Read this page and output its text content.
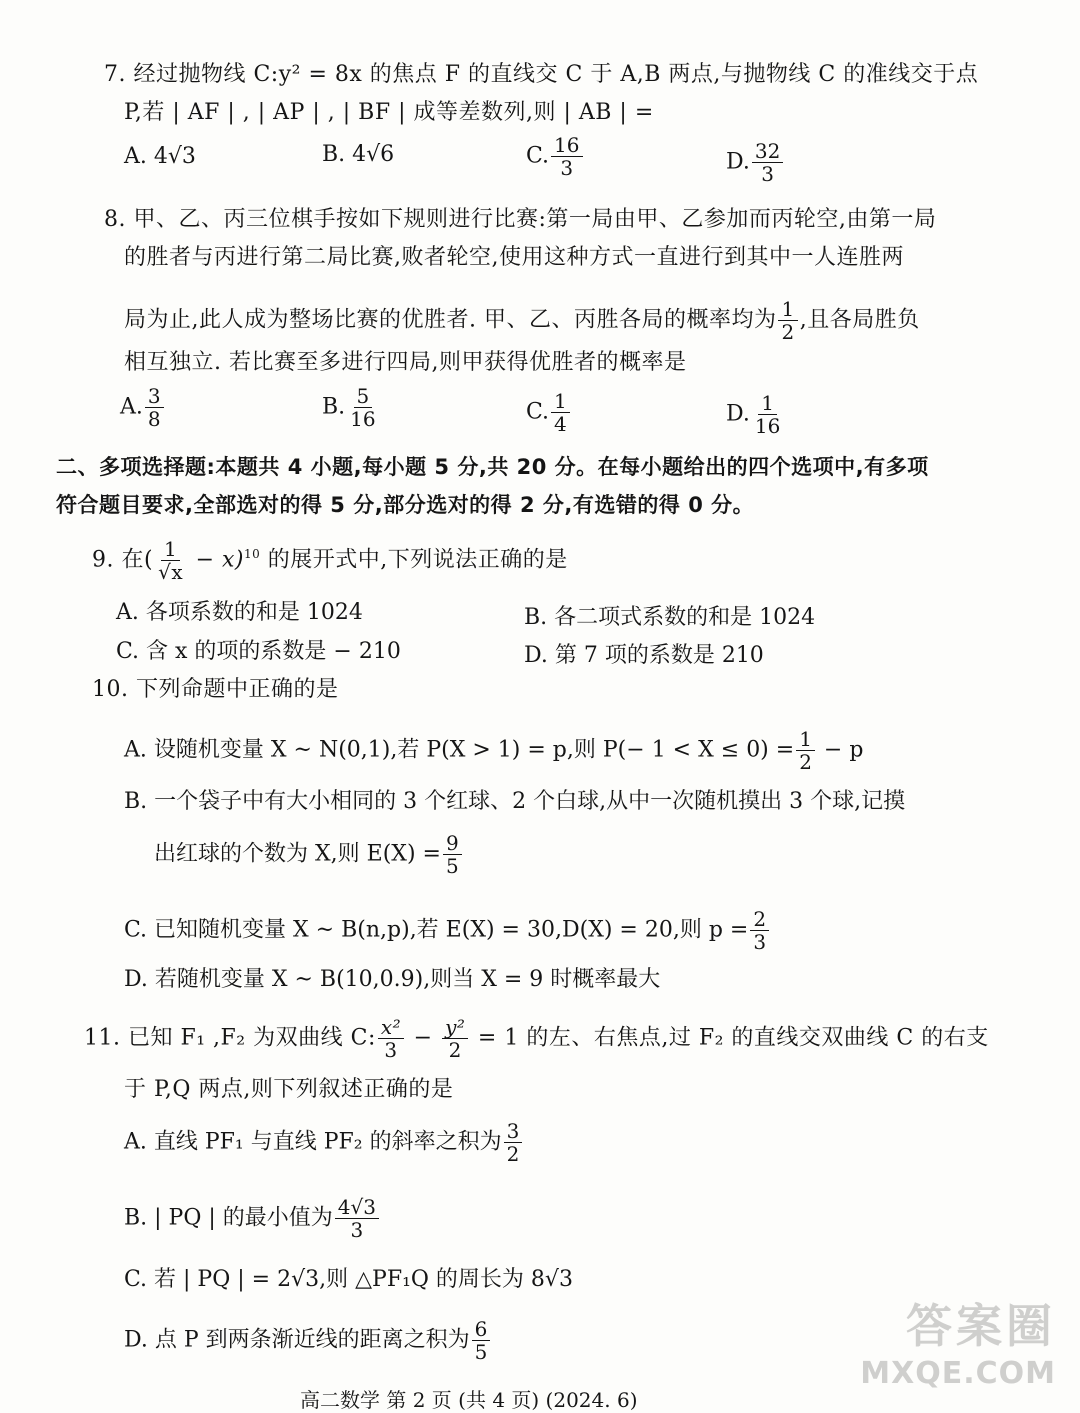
7. 经过抛物线 C:y² = 8x 的焦点 F 的直线交 C 于 A,B 两点,与抛物线 C 的准线交于点
P,若 | AF | , | AP | , | BF | 成等差数列,则 | AB | =
A. 4√3	B. 4√6	C. $\frac{16}{3}$	D. $\frac{32}{3}$
8. 甲、乙、丙三位棋手按如下规则进行比赛:第一局由甲、乙参加而丙轮空,由第一局
的胜者与丙进行第二局比赛,败者轮空,使用这种方式一直进行到其中一人连胜两
局为止,此人成为整场比赛的优胜者. 甲、乙、丙胜各局的概率均为 $\frac{1}{2}$ ,且各局胜负
相互独立. 若比赛至多进行四局,则甲获得优胜者的概率是
A. $\frac{3}{8}$	B. $\frac{5}{16}$	C. $\frac{1}{4}$	D. $\frac{1}{16}$
二、多项选择题:本题共 4 小题,每小题 5 分,共 20 分。在每小题给出的四个选项中,有多项
符合题目要求,全部选对的得 5 分,部分选对的得 2 分,有选错的得 0 分。
9. 在( $\frac{1}{√x} - x)^{10}$ 的展开式中,下列说法正确的是
A. 各项系数的和是 1024	B. 各二项式系数的和是 1024
C. 含 x 的项的系数是 − 210	D. 第 7 项的系数是 210
10. 下列命题中正确的是
A. 设随机变量 X ~ N(0,1),若 P(X > 1) = p,则 $P(- 1 < X \le 0) = \frac{1}{2} - p$
B. 一个袋子中有大小相同的 3 个红球、2 个白球,从中一次随机摸出 3 个球,记摸
出红球的个数为 X,则 $E(X) = \frac{9}{5}$
C. 已知随机变量 X ~ B(n,p),若 E(X) = 30,D(X) = 20,则 $p = \frac{2}{3}$
D. 若随机变量 X ~ B(10,0.9),则当 X = 9 时概率最大
11. 已知 F₁ ,F₂ 为双曲线 C: $\frac{\text{x²}}{3} - \frac{\text{y²}}{2} = 1$ 的左、右焦点,过 F₂ 的直线交双曲线 C 的右支
于 P,Q 两点,则下列叙述正确的是
A. 直线 PF₁ 与直线 PF₂ 的斜率之积为 $\frac{3}{2}$
B. | PQ | 的最小值为 $\frac{4√3}{3}$
C. 若 | PQ | = 2√3,则 △PF₁Q 的周长为 8√3
D. 点 P 到两条渐近线的距离之积为 $\frac{6}{5}$
高二数学 第 2 页 (共 4 页) (2024. 6)
答案圈
MXQE.COM
